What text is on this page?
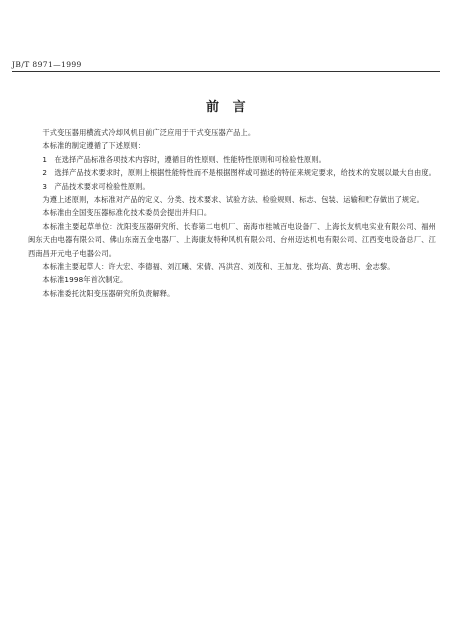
JB/T 8971—1999
前　言

干式变压器用横流式冷却风机目前广泛应用于干式变压器产品上。

本标准的制定遵循了下述原则：

1　在选择产品标准各项技术内容时，遵循目的性原则、性能特性原则和可检验性原则。

2　选择产品技术要求时，原则上根据性能特性而不是根据图样或可描述的特征来规定要求，给技术的发展以最大自由度。

3　产品技术要求可检验性原则。

为遵上述原则，本标准对产品的定义、分类、技术要求、试验方法、检验规则、标志、包装、运输和贮存做出了规定。

本标准由全国变压器标准化技术委员会提出并归口。

本标准主要起草单位：沈阳变压器研究所、长春第二电机厂、南海市桂城百电设备厂、上海长友机电实业有限公司、福州闽东天由电器有限公司、佛山东南五金电器厂、上海康友特种风机有限公司、台州迈达机电有限公司、江西变电设备总厂、江西南昌开元电子电器公司。

本标准主要起草人：许大宏、李德福、刘江曦、宋倩、冯洪宫、刘茂和、王加龙、张均高、黄志明、金志黎。

本标准1998年首次制定。

本标准委托沈阳变压器研究所负责解释。
